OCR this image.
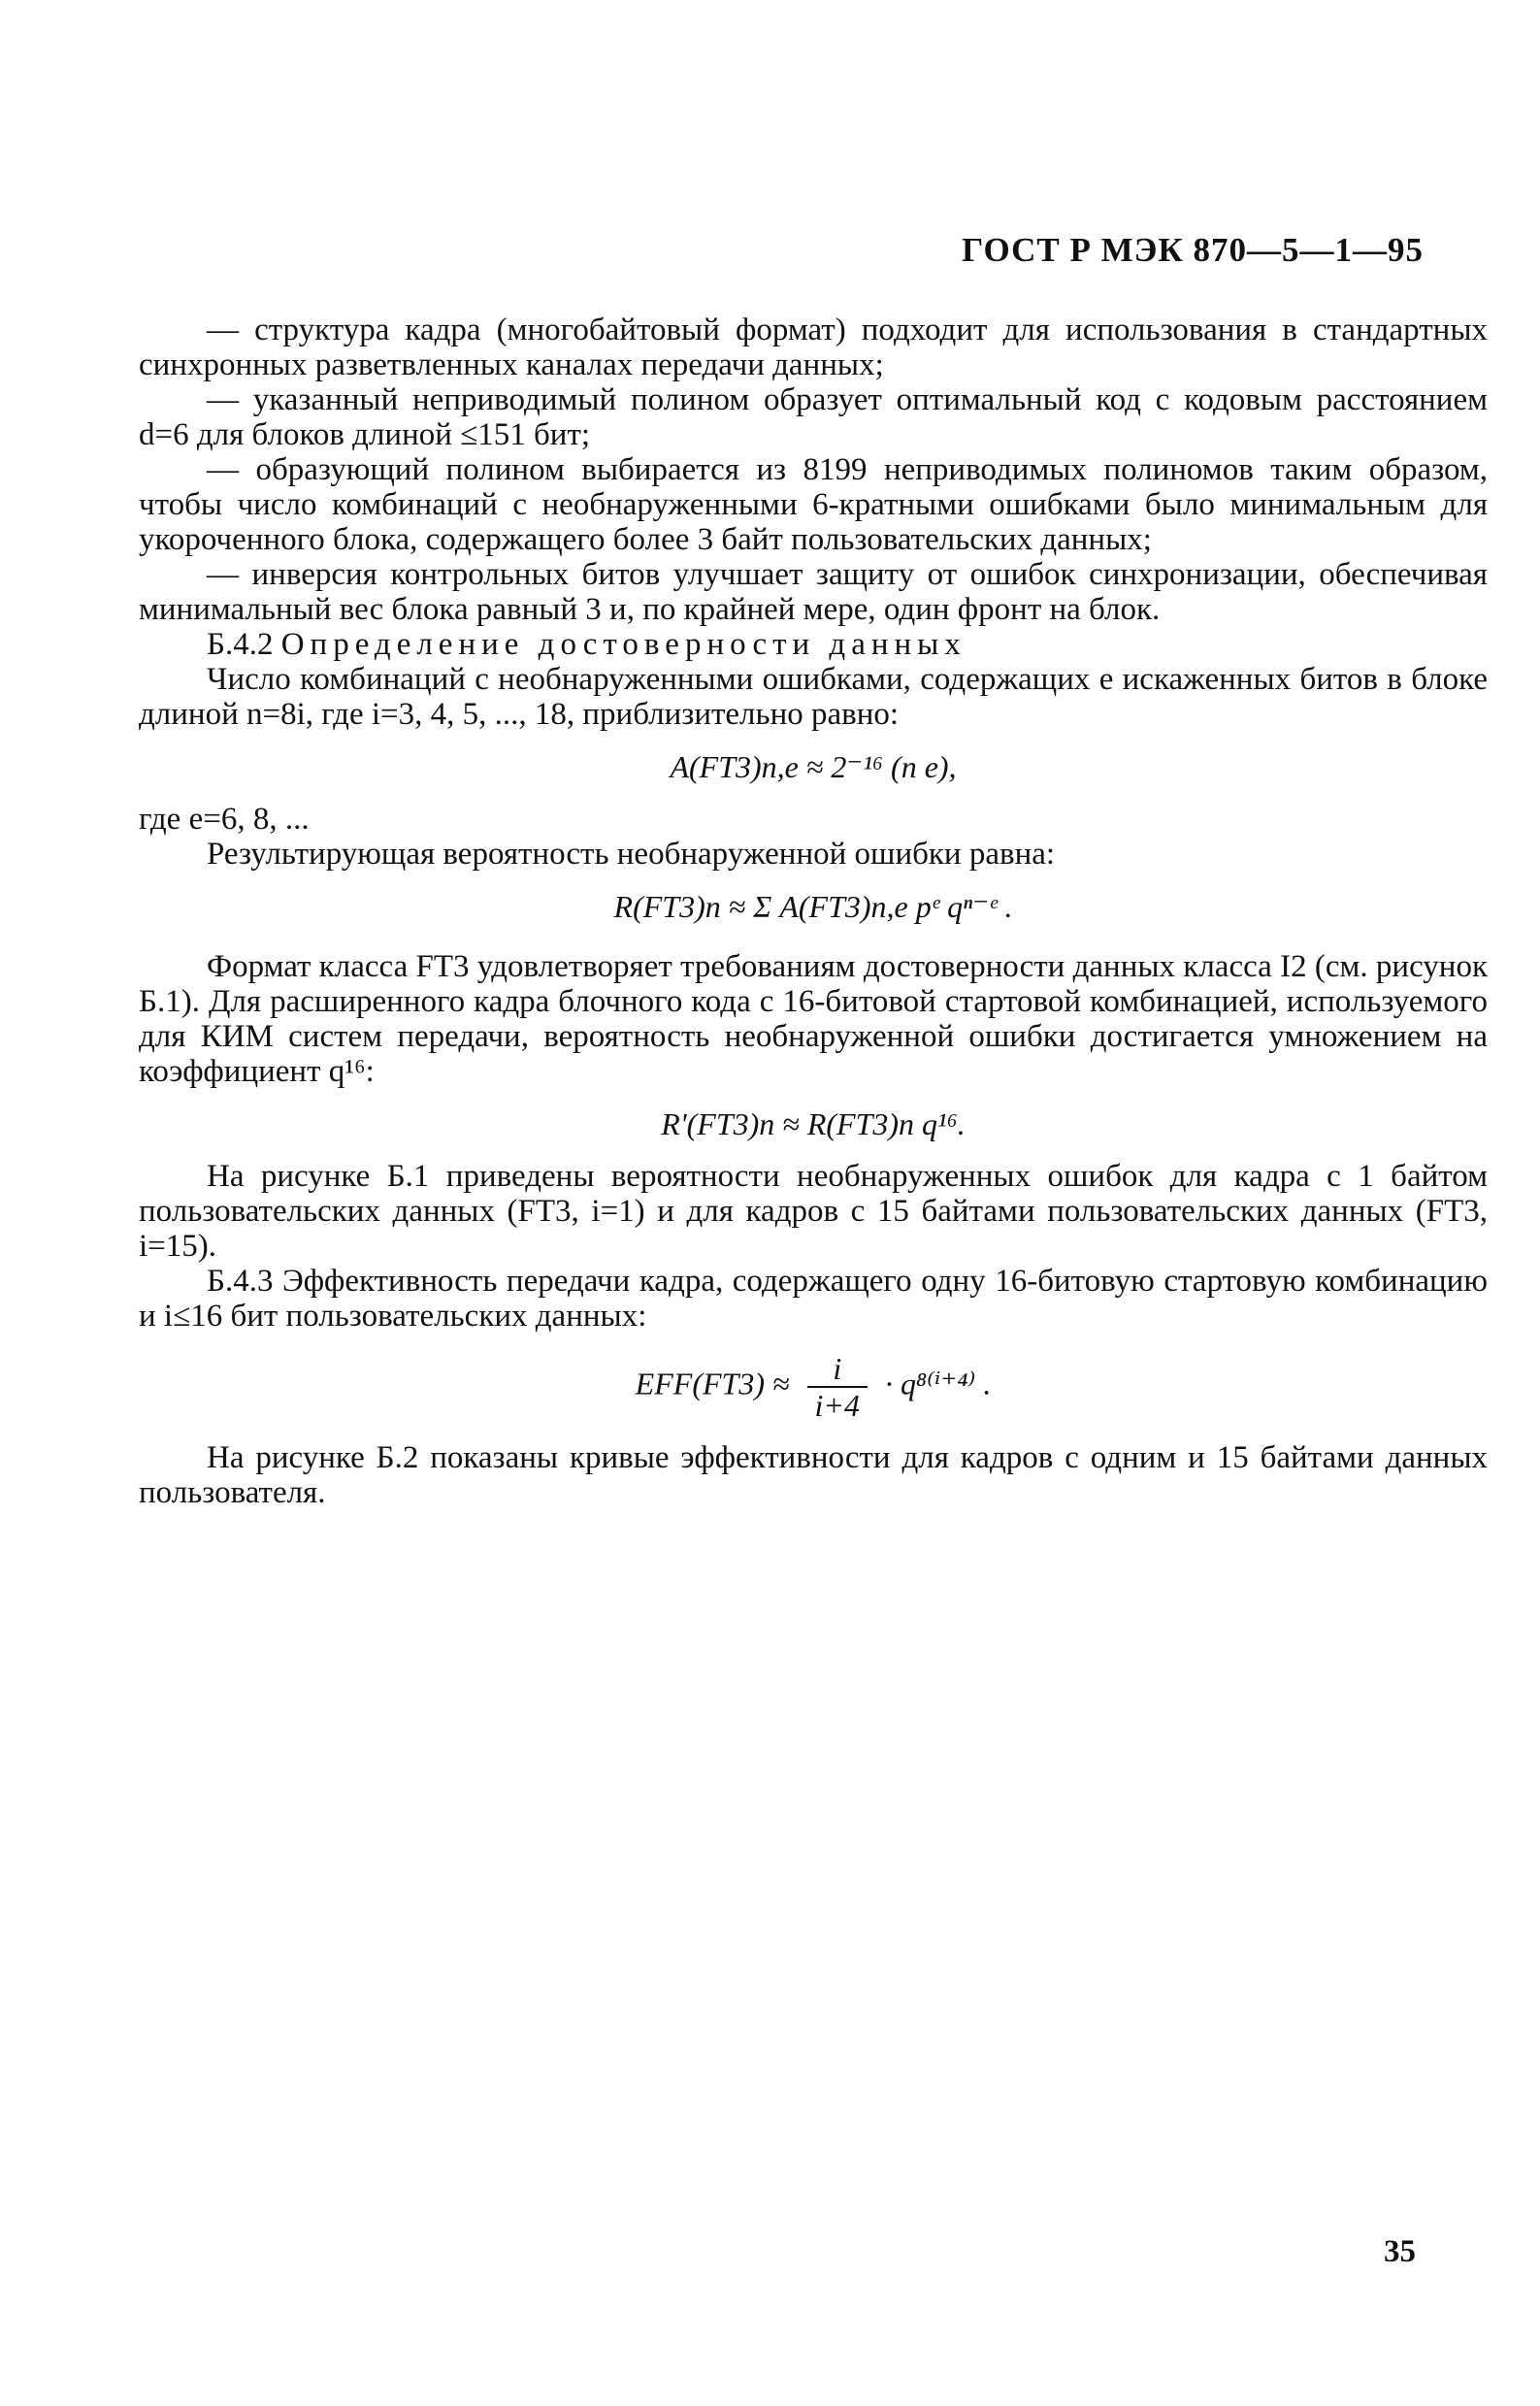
ГОСТ Р МЭК 870—5—1—95

— структура кадра (многобайтовый формат) подходит для использования в стандартных синхронных разветвленных каналах передачи данных;

— указанный неприводимый полином образует оптимальный код с кодовым расстоянием d=6 для блоков длиной ≤151 бит;

— образующий полином выбирается из 8199 неприводимых полиномов таким образом, чтобы число комбинаций с необнаруженными 6-кратными ошибками было минимальным для укороченного блока, содержащего более 3 байт пользовательских данных;

— инверсия контрольных битов улучшает защиту от ошибок синхронизации, обеспечивая минимальный вес блока равный 3 и, по крайней мере, один фронт на блок.

Б.4.2 Определение достоверности данных

Число комбинаций с необнаруженными ошибками, содержащих e искаженных битов в блоке длиной n=8i, где i=3, 4, 5, ..., 18, приблизительно равно:

A(FT3)n,e ≈ 2⁻¹⁶ (n e),

где e=6, 8, ...

Результирующая вероятность необнаруженной ошибки равна:

R(FT3)n ≈ Σ A(FT3)n,e pᵉ qⁿ⁻ᵉ .

Формат класса FT3 удовлетворяет требованиям достоверности данных класса I2 (см. рисунок Б.1). Для расширенного кадра блочного кода с 16-битовой стартовой комбинацией, используемого для КИМ систем передачи, вероятность необнаруженной ошибки достигается умножением на коэффициент q¹⁶:

R'(FT3)n ≈ R(FT3)n q¹⁶.

На рисунке Б.1 приведены вероятности необнаруженных ошибок для кадра с 1 байтом пользовательских данных (FT3, i=1) и для кадров с 15 байтами пользовательских данных (FT3, i=15).

Б.4.3 Эффективность передачи кадра, содержащего одну 16-битовую стартовую комбинацию и i≤16 бит пользовательских данных:

$EFF(FT3) \approx \frac{i}{i+4} \cdot q^{8(i+4)}$ .

На рисунке Б.2 показаны кривые эффективности для кадров с одним и 15 байтами данных пользователя.

35
